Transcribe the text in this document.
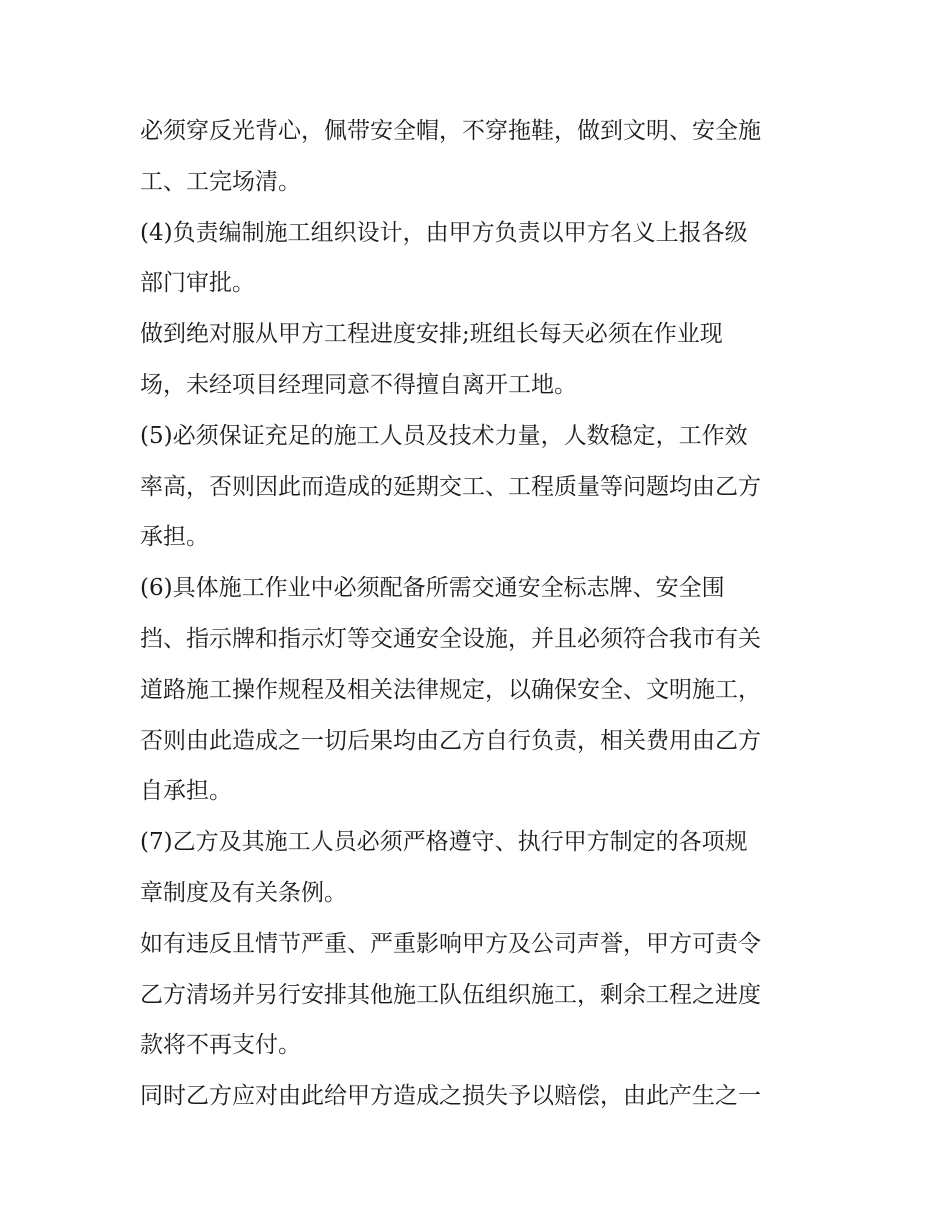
必须穿反光背心，佩带安全帽，不穿拖鞋，做到文明、安全施
工、工完场清。
(4)负责编制施工组织设计，由甲方负责以甲方名义上报各级
部门审批。
做到绝对服从甲方工程进度安排;班组长每天必须在作业现
场，未经项目经理同意不得擅自离开工地。
(5)必须保证充足的施工人员及技术力量，人数稳定，工作效
率高，否则因此而造成的延期交工、工程质量等问题均由乙方
承担。
(6)具体施工作业中必须配备所需交通安全标志牌、安全围
挡、指示牌和指示灯等交通安全设施，并且必须符合我市有关
道路施工操作规程及相关法律规定，以确保安全、文明施工，
否则由此造成之一切后果均由乙方自行负责，相关费用由乙方
自承担。
(7)乙方及其施工人员必须严格遵守、执行甲方制定的各项规
章制度及有关条例。
如有违反且情节严重、严重影响甲方及公司声誉，甲方可责令
乙方清场并另行安排其他施工队伍组织施工，剩余工程之进度
款将不再支付。
同时乙方应对由此给甲方造成之损失予以赔偿，由此产生之一
